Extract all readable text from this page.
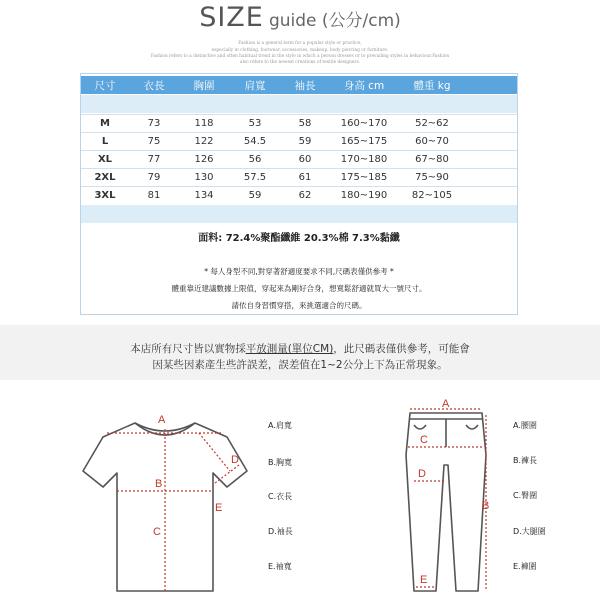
SIZE guide (公分/cm)
Fashion is a general term for a popular style or practice,
especially in clothing, footwear, accessories, makeup, body piercing or furniture.
Fashion refers to a distinctive and often habitual trend in the style in which a person dresses or to prevailing styles in behaviour.Fashion
also refers to the newest creations of textile designers.
尺寸	衣長	胸圍	肩寬	袖長	身高 cm	體重 kg
M	73	118	53	58	160~170	52~62
L	75	122	54.5	59	165~175	60~70
XL	77	126	56	60	170~180	67~80
2XL	79	130	57.5	61	175~185	75~90
3XL	81	134	59	62	180~190	82~105
面料: 72.4%聚酯纖維 20.3%棉 7.3%黏纖
* 每人身型不同,對穿著舒適度要求不同,尺碼表僅供參考 *
體重靠近建議數據上限值，穿起來為剛好合身，想寬鬆舒適就買大一號尺寸。
請依自身習慣穿搭，來挑選適合的尺碼。
本店所有尺寸皆以實物採平放測量(單位CM)，此尺碼表僅供參考，可能會
因某些因素產生些許誤差，誤差值在1~2公分上下為正常現象。
A
B
C
D
E
A.肩寬
B.胸寬
C.衣長
D.袖長
E.袖寬
A
B
C
D
E
A.腰圍
B.褲長
C.臀圍
D.大腿圍
E.褲圍
